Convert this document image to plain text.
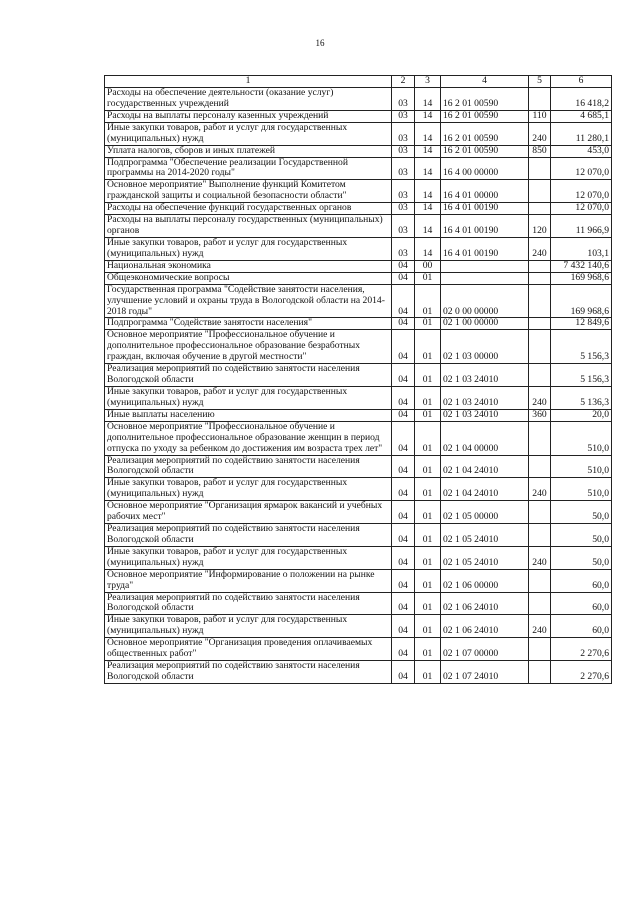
16
1	2	3	4	5	6
Расходы на обеспечение деятельности (оказание услуг) государственных учреждений	03	14	16 2 01 00590		16 418,2
Расходы на выплаты персоналу казенных учреждений	03	14	16 2 01 00590	110	4 685,1
Иные закупки товаров, работ и услуг для государственных (муниципальных) нужд	03	14	16 2 01 00590	240	11 280,1
Уплата налогов, сборов и иных платежей	03	14	16 2 01 00590	850	453,0
Подпрограмма "Обеспечение реализации Государственной программы на 2014-2020 годы"	03	14	16 4 00 00000		12 070,0
Основное мероприятие" Выполнение функций Комитетом гражданской защиты и социальной безопасности области"	03	14	16 4 01 00000		12 070,0
Расходы на обеспечение функций государственных органов	03	14	16 4 01 00190		12 070,0
Расходы на выплаты персоналу государственных (муниципальных) органов	03	14	16 4 01 00190	120	11 966,9
Иные закупки товаров, работ и услуг для государственных (муниципальных) нужд	03	14	16 4 01 00190	240	103,1
Национальная экономика	04	00			7 432 140,6
Общеэкономические вопросы	04	01			169 968,6
Государственная программа "Содействие занятости населения, улучшение условий и охраны труда в Вологодской области на 2014-2018 годы"	04	01	02 0 00 00000		169 968,6
Подпрограмма "Содействие занятости населения"	04	01	02 1 00 00000		12 849,6
Основное мероприятие "Профессиональное обучение и дополнительное профессиональное образование безработных граждан, включая обучение в другой местности"	04	01	02 1 03 00000		5 156,3
Реализация мероприятий по содействию занятости населения Вологодской области	04	01	02 1 03 24010		5 156,3
Иные закупки товаров, работ и услуг для государственных (муниципальных) нужд	04	01	02 1 03 24010	240	5 136,3
Иные выплаты населению	04	01	02 1 03 24010	360	20,0
Основное мероприятие "Профессиональное обучение и дополнительное профессиональное образование женщин в период отпуска по уходу за ребенком до достижения им возраста трех лет"	04	01	02 1 04 00000		510,0
Реализация мероприятий по содействию занятости населения Вологодской области	04	01	02 1 04 24010		510,0
Иные закупки товаров, работ и услуг для государственных (муниципальных) нужд	04	01	02 1 04 24010	240	510,0
Основное мероприятие "Организация ярмарок вакансий и учебных рабочих мест"	04	01	02 1 05 00000		50,0
Реализация мероприятий по содействию занятости населения Вологодской области	04	01	02 1 05 24010		50,0
Иные закупки товаров, работ и услуг для государственных (муниципальных) нужд	04	01	02 1 05 24010	240	50,0
Основное мероприятие "Информирование о положении на рынке труда"	04	01	02 1 06 00000		60,0
Реализация мероприятий по содействию занятости населения Вологодской области	04	01	02 1 06 24010		60,0
Иные закупки товаров, работ и услуг для государственных (муниципальных) нужд	04	01	02 1 06 24010	240	60,0
Основное мероприятие "Организация проведения оплачиваемых общественных работ"	04	01	02 1 07 00000		2 270,6
Реализация мероприятий по содействию занятости населения Вологодской области	04	01	02 1 07 24010		2 270,6
